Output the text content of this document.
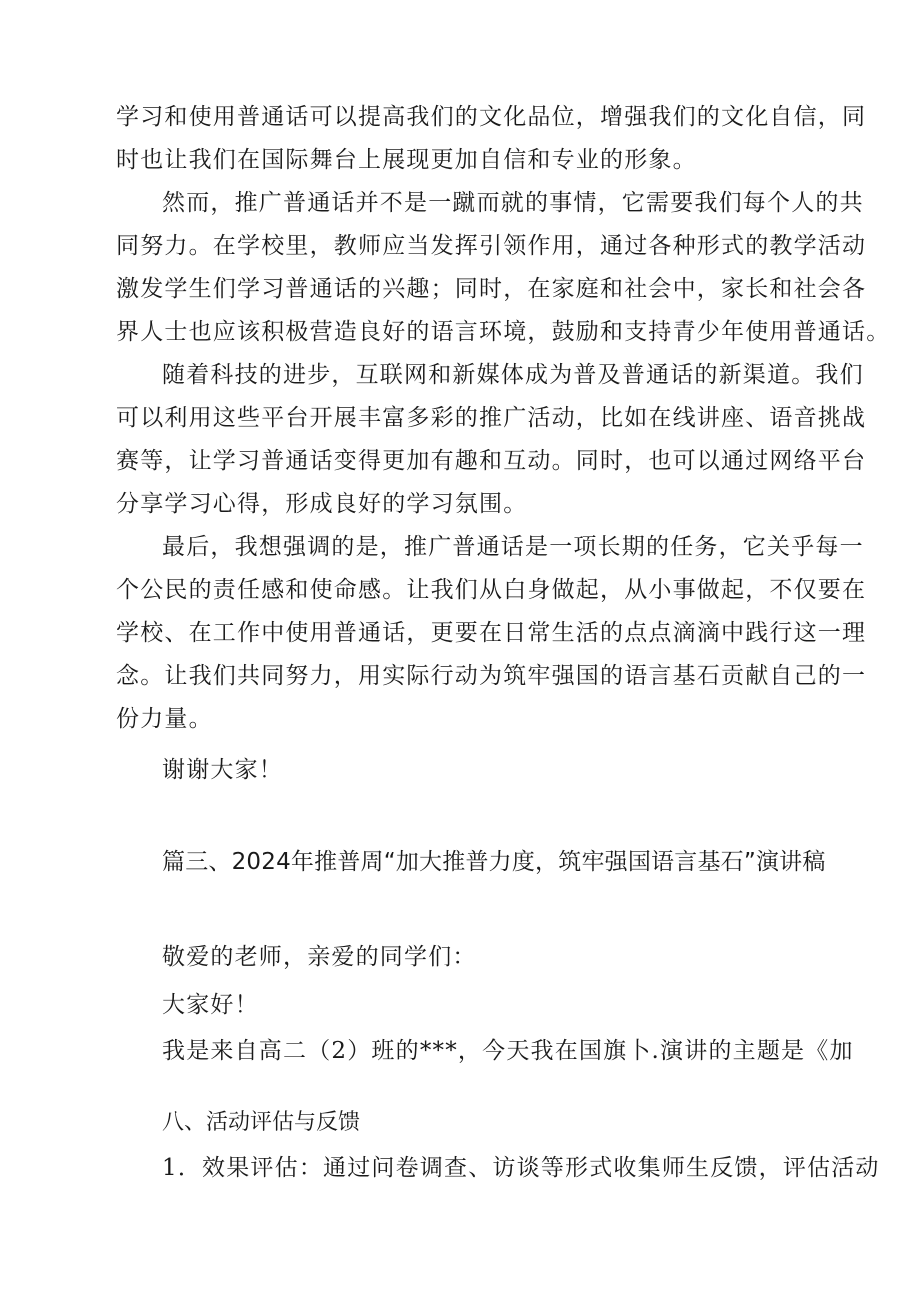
学习和使用普通话可以提高我们的文化品位，增强我们的文化自信，同
时也让我们在国际舞台上展现更加自信和专业的形象。
然而，推广普通话并不是一蹴而就的事情，它需要我们每个人的共
同努力。在学校里，教师应当发挥引领作用，通过各种形式的教学活动
激发学生们学习普通话的兴趣；同时，在家庭和社会中，家长和社会各
界人士也应该积极营造良好的语言环境，鼓励和支持青少年使用普通话。
随着科技的进步，互联网和新媒体成为普及普通话的新渠道。我们
可以利用这些平台开展丰富多彩的推广活动，比如在线讲座、语音挑战
赛等，让学习普通话变得更加有趣和互动。同时，也可以通过网络平台
分享学习心得，形成良好的学习氛围。
最后，我想强调的是，推广普通话是一项长期的任务，它关乎每一
个公民的责任感和使命感。让我们从白身做起，从小事做起，不仅要在
学校、在工作中使用普通话，更要在日常生活的点点滴滴中践行这一理
念。让我们共同努力，用实际行动为筑牢强国的语言基石贡献自己的一
份力量。
谢谢大家！
篇三、2024年推普周“加大推普力度，筑牢强国语言基石”演讲稿
敬爱的老师，亲爱的同学们：
大家好！
我是来自高二（2）班的***，今天我在国旗卜.演讲的主题是《加
八、活动评估与反馈
1．效果评估：通过问卷调查、访谈等形式收集师生反馈，评估活动
